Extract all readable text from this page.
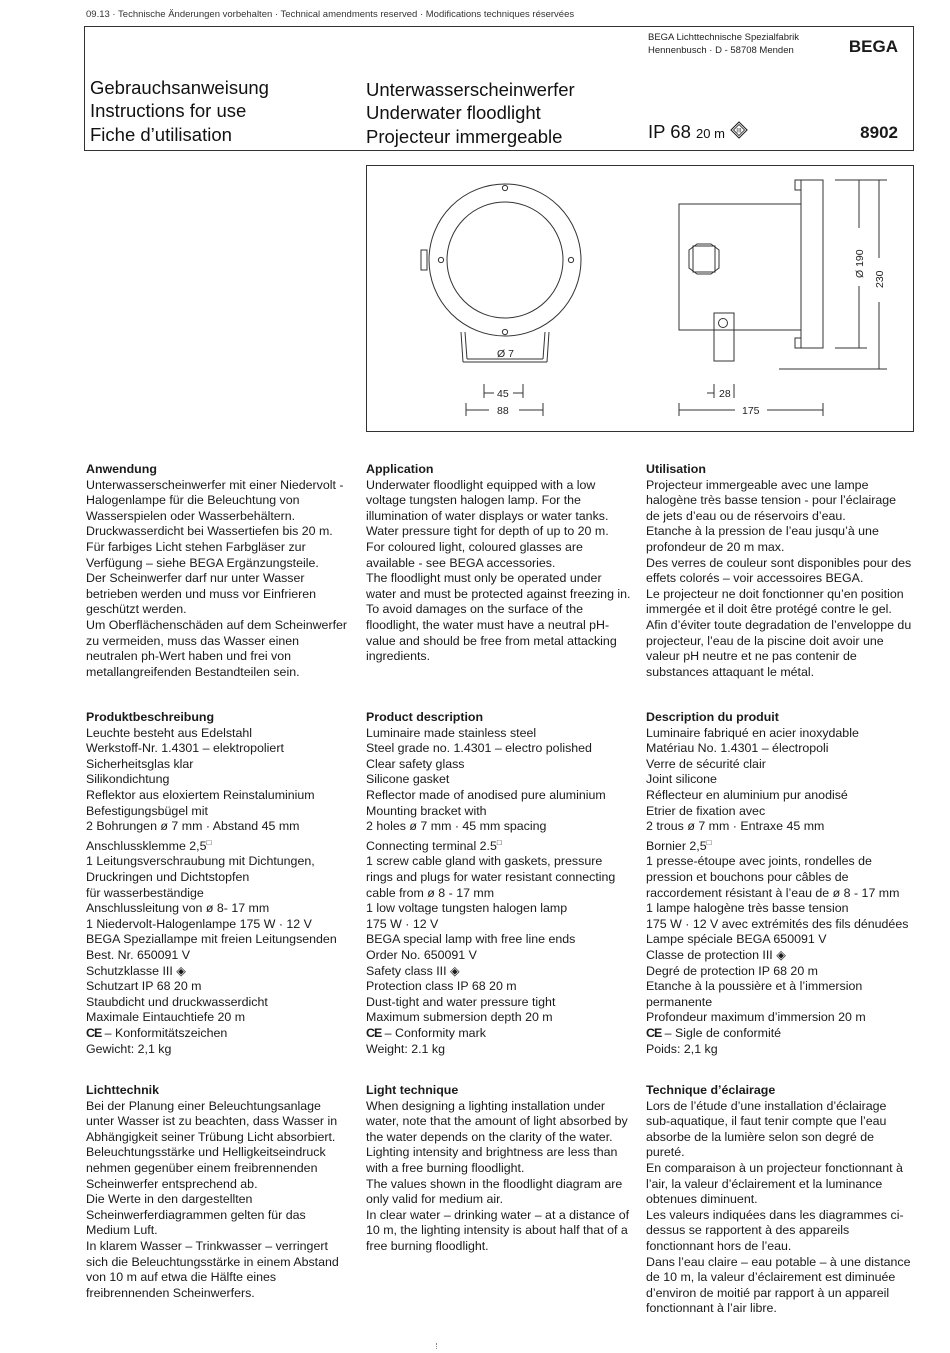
09.13 · Technische Änderungen vorbehalten · Technical amendments reserved · Modifications techniques réservées
BEGA Lichttechnische Spezialfabrik
Hennenbusch · D - 58708 Menden	BEGA
Gebrauchsanweisung
Instructions for use
Fiche d’utilisation
Unterwasserscheinwerfer
Underwater floodlight
Projecteur immergeable	IP 68 20 m III	8902
Ø 7
45
88
28
175
Ø 190
230
Anwendung

Unterwasserscheinwerfer mit einer Niedervolt - Halogenlampe für die Beleuchtung von Wasserspielen oder Wasserbehältern.

Druckwasserdicht bei Wassertiefen bis 20 m.

Für farbiges Licht stehen Farbgläser zur Verfügung – siehe BEGA Ergänzungsteile.

Der Scheinwerfer darf nur unter Wasser betrieben werden und muss vor Einfrieren geschützt werden.

Um Oberflächenschäden auf dem Scheinwerfer zu vermeiden, muss das Wasser einen neutralen ph-Wert haben und frei von metallangreifenden Bestandteilen sein.

Application

Underwater floodlight equipped with a low voltage tungsten halogen lamp. For the illumination of water displays or water tanks.

Water pressure tight for depth of up to 20 m.

For coloured light, coloured glasses are available - see BEGA accessories.

The floodlight must only be operated under water and must be protected against freezing in.

To avoid damages on the surface of the floodlight, the water must have a neutral pH-value and should be free from metal attacking ingredients.

Utilisation

Projecteur immergeable avec une lampe halogène très basse tension - pour l’éclairage de jets d’eau ou de réservoirs d’eau.

Etanche à la pression de l’eau jusqu’à une profondeur de 20 m max.

Des verres de couleur sont disponibles pour des effets colorés – voir accessoires BEGA.

Le projecteur ne doit fonctionner qu’en position immergée et il doit être protégé contre le gel.

Afin d’éviter toute degradation de l’enveloppe du projecteur, l’eau de la piscine doit avoir une valeur pH neutre et ne pas contenir de substances attaquant le métal.

Produktbeschreibung

Leuchte besteht aus Edelstahl

Werkstoff-Nr. 1.4301 – elektropoliert

Sicherheitsglas klar

Silikondichtung

Reflektor aus eloxiertem Reinstaluminium

Befestigungsbügel mit

2 Bohrungen ø 7 mm · Abstand 45 mm

Anschlussklemme 2,5□

1 Leitungsverschraubung mit Dichtungen, Druckringen und Dichtstopfen

für wasserbeständige

Anschlussleitung von ø 8- 17 mm

1 Niedervolt-Halogenlampe 175 W · 12 V

BEGA Speziallampe mit freien Leitungsenden

Best. Nr. 650091 V

Schutzklasse III ◈

Schutzart IP 68 20 m

Staubdicht und druckwasserdicht

Maximale Eintauchtiefe 20 m

CE – Konformitätszeichen

Gewicht: 2,1 kg

Product description

Luminaire made stainless steel

Steel grade no. 1.4301 – electro polished

Clear safety glass

Silicone gasket

Reflector made of anodised pure aluminium

Mounting bracket with

2 holes ø 7 mm · 45 mm spacing

Connecting terminal 2.5□

1 screw cable gland with gaskets, pressure rings and plugs for water resistant connecting cable from ø 8 - 17 mm

1 low voltage tungsten halogen lamp

175 W · 12 V

BEGA special lamp with free line ends

Order No. 650091 V

Safety class III ◈

Protection class IP 68 20 m

Dust-tight and water pressure tight

Maximum submersion depth 20 m

CE – Conformity mark

Weight: 2.1 kg

Description du produit

Luminaire fabriqué en acier inoxydable

Matériau No. 1.4301 – électropoli

Verre de sécurité clair

Joint silicone

Réflecteur en aluminium pur anodisé

Etrier de fixation avec

2 trous ø 7 mm · Entraxe 45 mm

Bornier 2,5□

1 presse-étoupe avec joints, rondelles de pression et bouchons pour câbles de raccordement résistant à l’eau de ø 8 - 17 mm

1 lampe halogène très basse tension

175 W · 12 V avec extrémités des fils dénudées

Lampe spéciale BEGA 650091 V

Classe de protection III ◈

Degré de protection IP 68 20 m

Etanche à la poussière et à l’immersion permanente

Profondeur maximum d’immersion 20 m

CE – Sigle de conformité

Poids: 2,1 kg

Lichttechnik

Bei der Planung einer Beleuchtungsanlage unter Wasser ist zu beachten, dass Wasser in Abhängigkeit seiner Trübung Licht absorbiert.

Beleuchtungsstärke und Helligkeitseindruck nehmen gegenüber einem freibrennenden Scheinwerfer entsprechend ab.

Die Werte in den dargestellten Scheinwerferdiagrammen gelten für das Medium Luft.

In klarem Wasser – Trinkwasser – verringert sich die Beleuchtungsstärke in einem Abstand von 10 m auf etwa die Hälfte eines freibrennenden Scheinwerfers.

Light technique

When designing a lighting installation under water, note that the amount of light absorbed by the water depends on the clarity of the water.

Lighting intensity and brightness are less than with a free burning floodlight.

The values shown in the floodlight diagram are only valid for medium air.

In clear water – drinking water – at a distance of 10 m, the lighting intensity is about half that of a free burning floodlight.

Technique d’éclairage

Lors de l’étude d’une installation d’éclairage sub-aquatique, il faut tenir compte que l’eau absorbe de la lumière selon son degré de pureté.

En comparaison à un projecteur fonctionnant à l’air, la valeur d’éclairement et la luminance obtenues diminuent.

Les valeurs indiquées dans les diagrammes ci-dessus se rapportent à des appareils fonctionnant hors de l’eau.

Dans l’eau claire – eau potable – à une distance de 10 m, la valeur d’éclairement est diminuée d’environ de moitié par rapport à un appareil fonctionnant à l’air libre.
